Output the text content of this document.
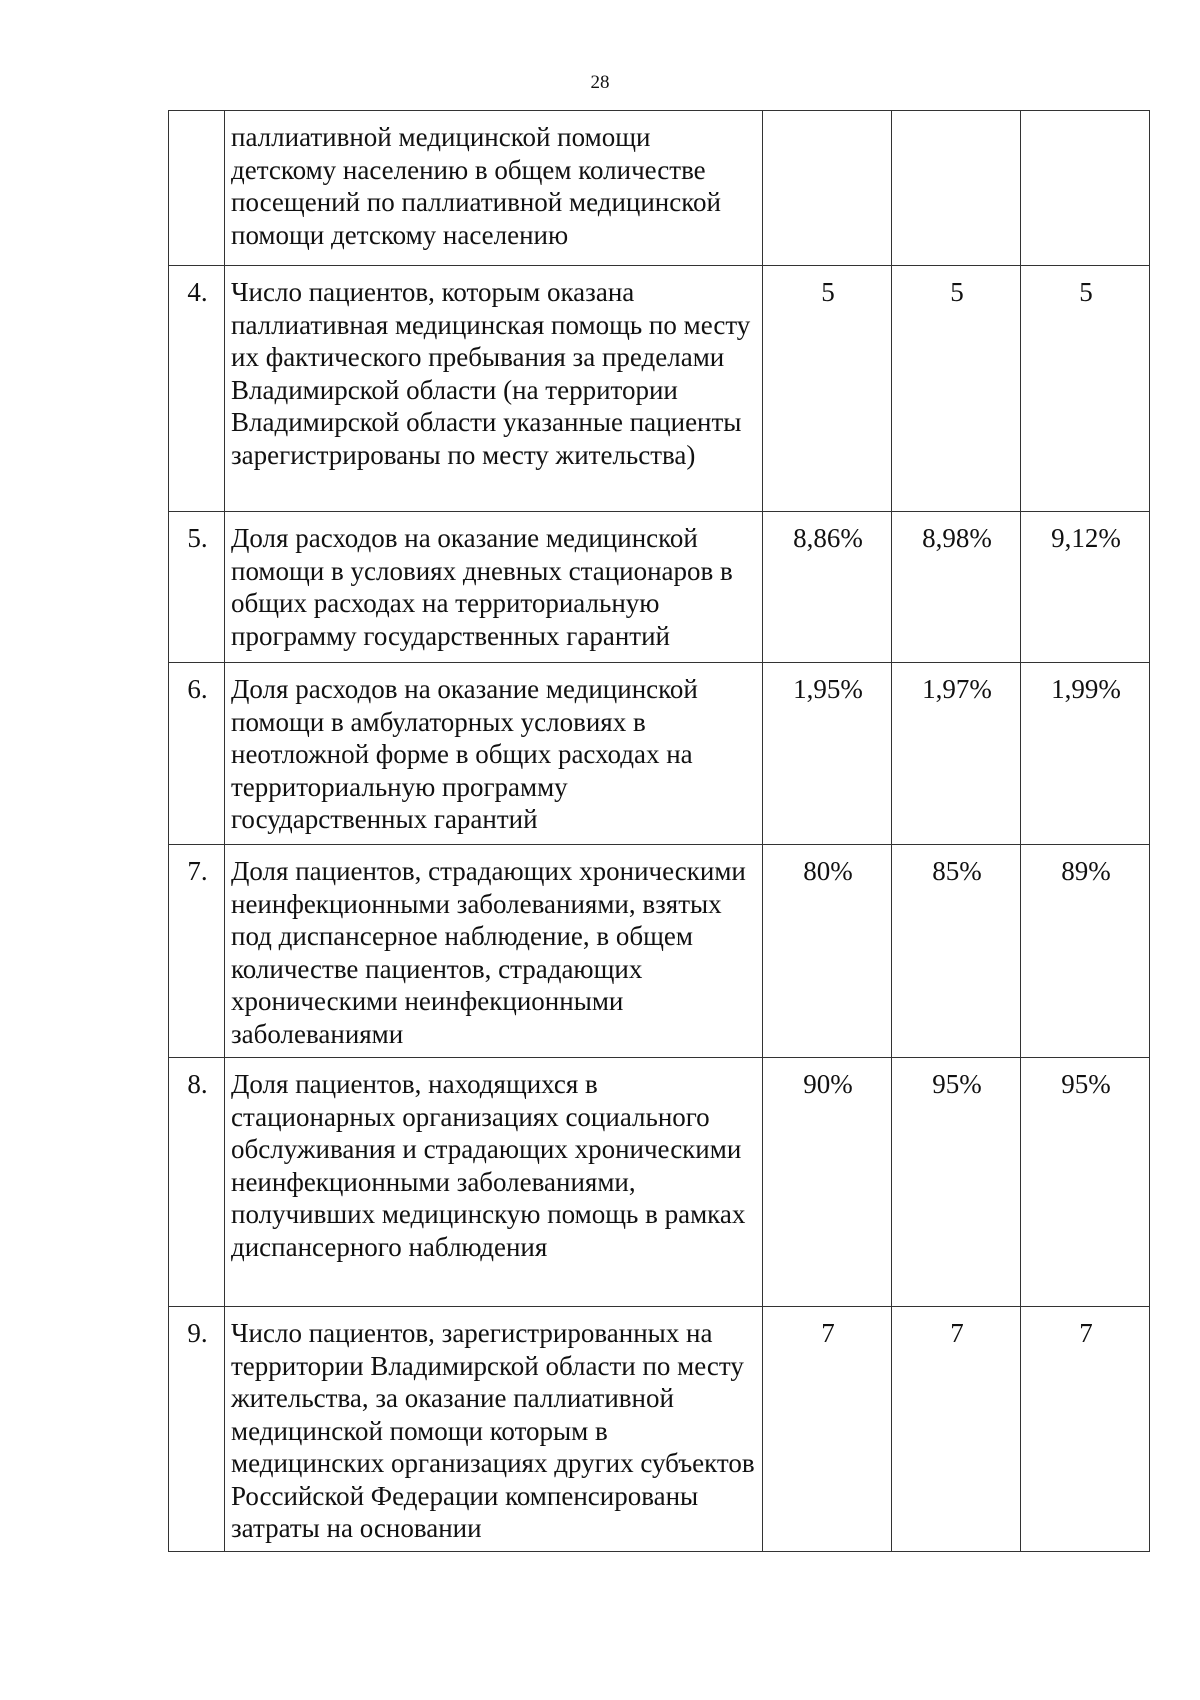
28
	паллиативной медицинской помощи детскому населению в общем количестве посещений по паллиативной медицинской помощи детскому населению			
4.	Число пациентов, которым оказана паллиативная медицинская помощь по месту их фактического пребывания за пределами Владимирской области (на территории Владимирской области указанные пациенты зарегистрированы по месту жительства)	5	5	5
5.	Доля расходов на оказание медицинской помощи в условиях дневных стационаров в общих расходах на территориальную программу государственных гарантий	8,86%	8,98%	9,12%
6.	Доля расходов на оказание медицинской помощи в амбулаторных условиях в неотложной форме в общих расходах на территориальную программу государственных гарантий	1,95%	1,97%	1,99%
7.	Доля пациентов, страдающих хроническими неинфекционными заболеваниями, взятых под диспансерное наблюдение, в общем количестве пациентов, страдающих хроническими неинфекционными заболеваниями	80%	85%	89%
8.	Доля пациентов, находящихся в стационарных организациях социального обслуживания и страдающих хроническими неинфекционными заболеваниями, получивших медицинскую помощь в рамках диспансерного наблюдения	90%	95%	95%
9.	Число пациентов, зарегистрированных на территории Владимирской области по месту жительства, за оказание паллиативной медицинской помощи которым в медицинских организациях других субъектов Российской Федерации компенсированы затраты на основании	7	7	7
